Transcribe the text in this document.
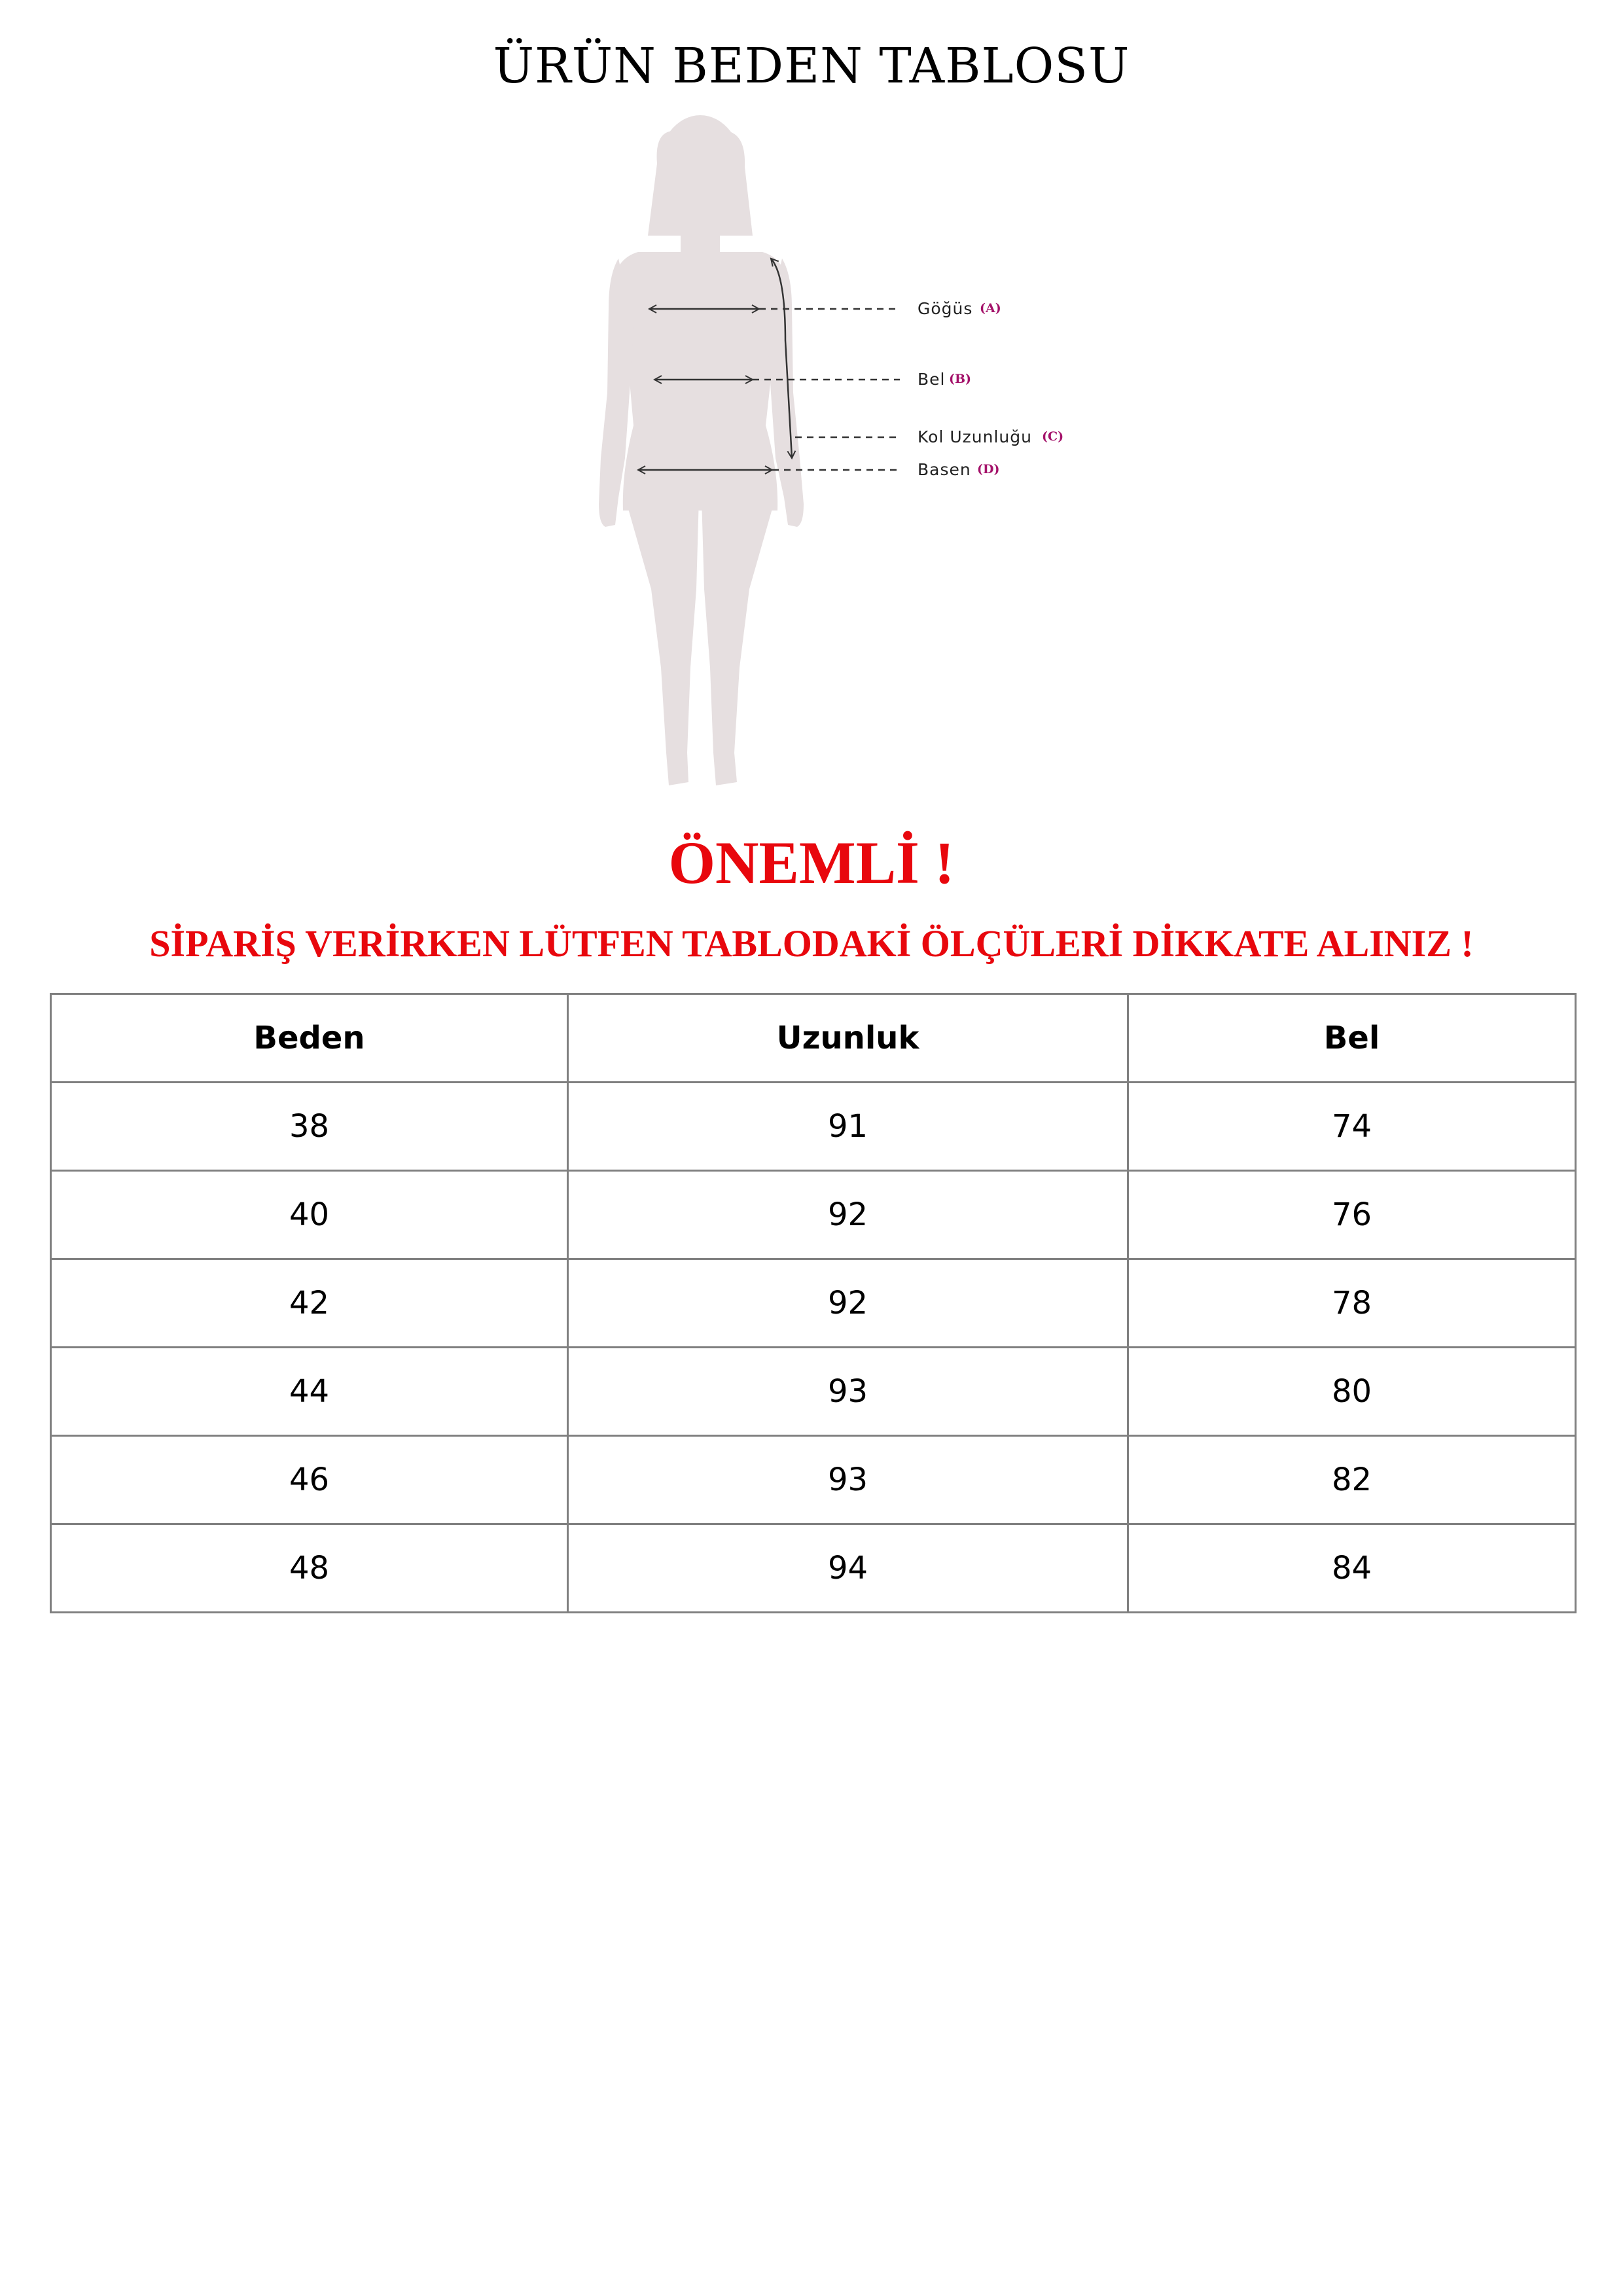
ÜRÜN BEDEN TABLOSU
Göğüs (A)
Bel (B)
Kol Uzunluğu (C)
Basen (D)
ÖNEMLİ !
SİPARİŞ VERİRKEN LÜTFEN TABLODAKİ ÖLÇÜLERİ DİKKATE ALINIZ !
Beden	Uzunluk	Bel
38	91	74
40	92	76
42	92	78
44	93	80
46	93	82
48	94	84
